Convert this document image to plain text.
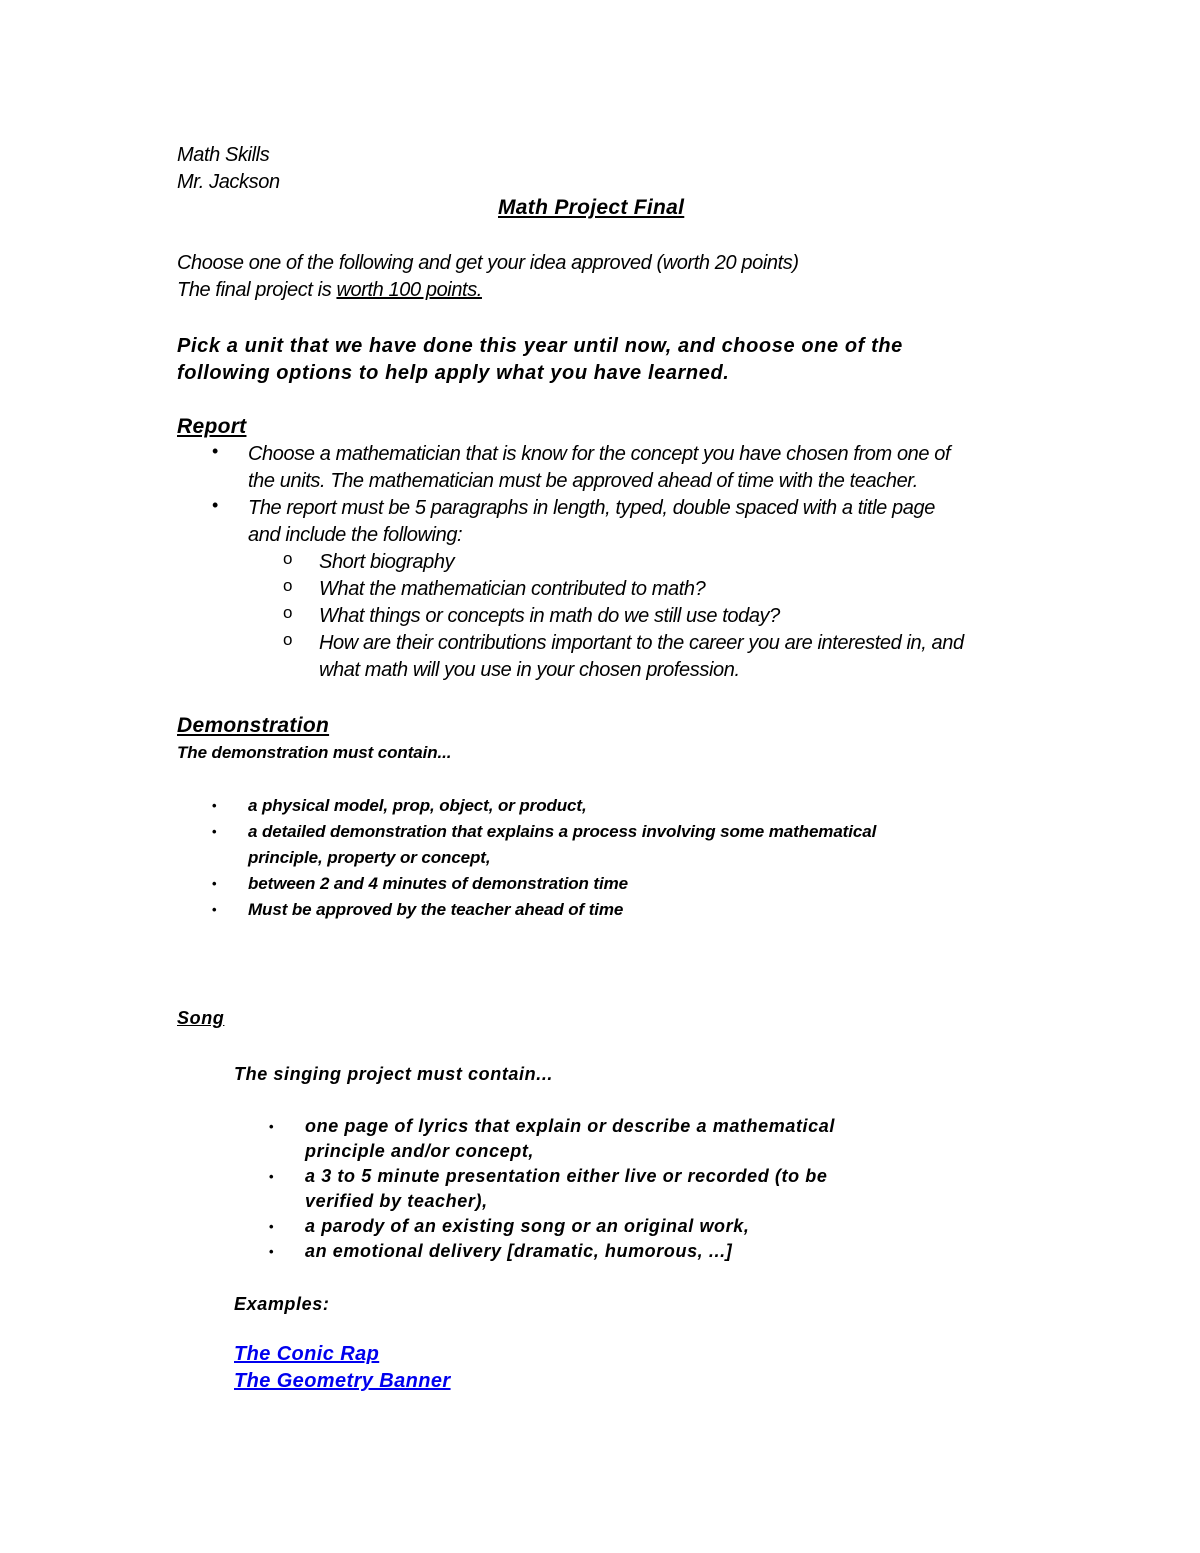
Math Skills
Mr. Jackson
Math Project Final
Choose one of the following and get your idea approved (worth 20 points)
The final project is worth 100 points.
Pick a unit that we have done this year until now, and choose one of the
following options to help apply what you have learned.
Report
• Choose a mathematician that is know for the concept you have chosen from one of
the units. The mathematician must be approved ahead of time with the teacher.
• The report must be 5 paragraphs in length, typed, double spaced with a title page
and include the following:
o Short biography
o What the mathematician contributed to math?
o What things or concepts in math do we still use today?
o How are their contributions important to the career you are interested in, and
what math will you use in your chosen profession.
Demonstration
The demonstration must contain...
• a physical model, prop, object, or product,
• a detailed demonstration that explains a process involving some mathematical
principle, property or concept,
• between 2 and 4 minutes of demonstration time
• Must be approved by the teacher ahead of time
Song
The singing project must contain...
• one page of lyrics that explain or describe a mathematical
principle and/or concept,
• a 3 to 5 minute presentation either live or recorded (to be
verified by teacher),
• a parody of an existing song or an original work,
• an emotional delivery [dramatic, humorous, ...]
Examples:
The Conic Rap
The Geometry Banner
